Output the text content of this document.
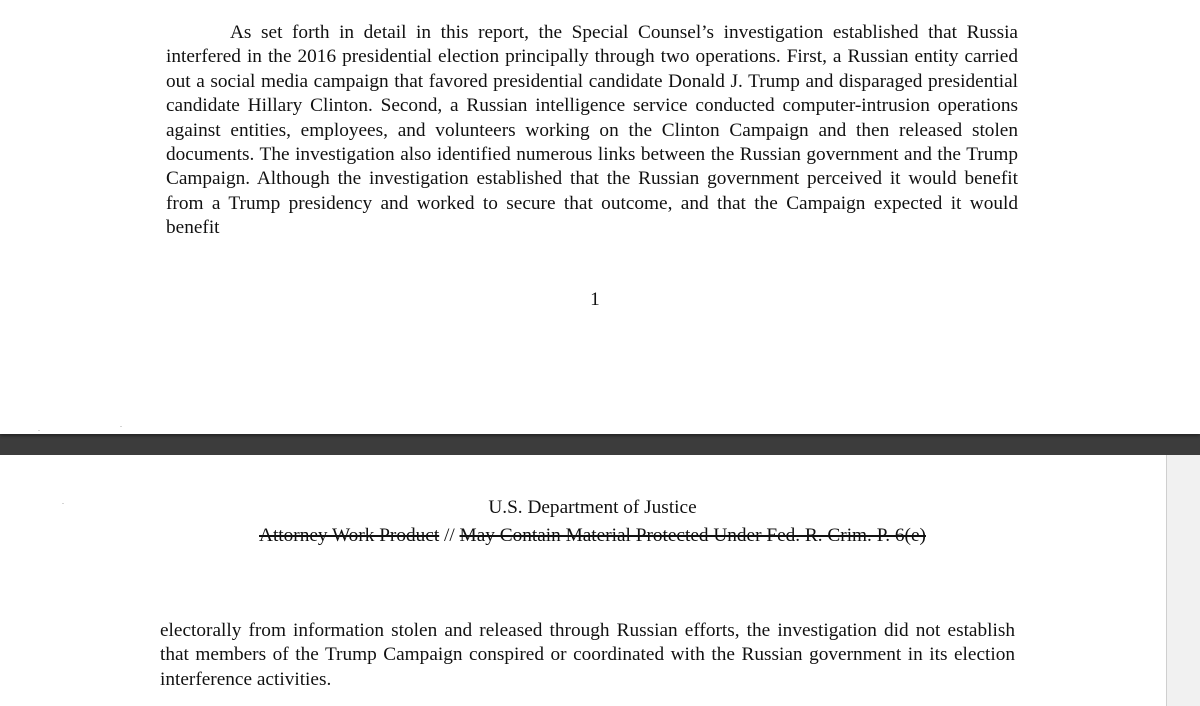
As set forth in detail in this report, the Special Counsel’s investigation established that Russia interfered in the 2016 presidential election principally through two operations. First, a Russian entity carried out a social media campaign that favored presidential candidate Donald J. Trump and disparaged presidential candidate Hillary Clinton. Second, a Russian intelligence service conducted computer-intrusion operations against entities, employees, and volunteers working on the Clinton Campaign and then released stolen documents. The investigation also identified numerous links between the Russian government and the Trump Campaign. Although the investigation established that the Russian government perceived it would benefit from a Trump presidency and worked to secure that outcome, and that the Campaign expected it would benefit

1
U.S. Department of Justice
Attorney Work Product // May Contain Material Protected Under Fed. R. Crim. P. 6(e)

electorally from information stolen and released through Russian efforts, the investigation did not establish that members of the Trump Campaign conspired or coordinated with the Russian government in its election interference activities.
